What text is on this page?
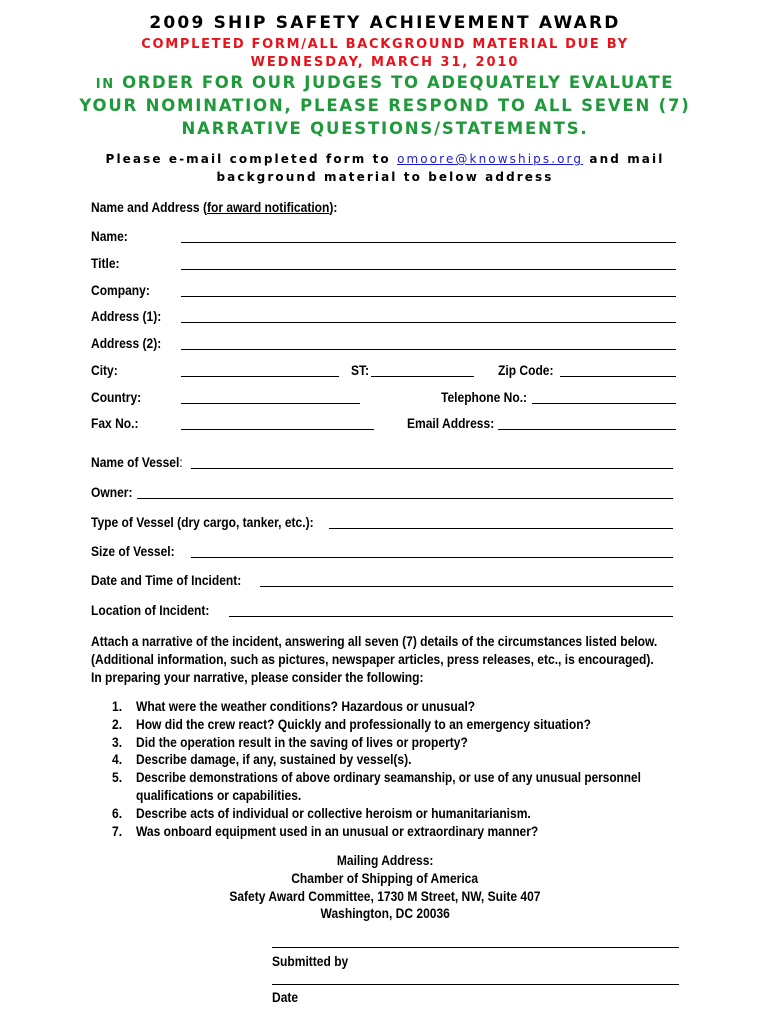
2009 SHIP SAFETY ACHIEVEMENT AWARD
COMPLETED FORM/ALL BACKGROUND MATERIAL DUE BY
WEDNESDAY, MARCH 31, 2010
IN ORDER FOR OUR JUDGES TO ADEQUATELY EVALUATE
YOUR NOMINATION, PLEASE RESPOND TO ALL SEVEN (7)
NARRATIVE QUESTIONS/STATEMENTS.
Please e-mail completed form to omoore@knowships.org and mail
background material to below address
Name and Address (for award notification):
Name:
Title:
Company:
Address (1):
Address (2):
City:	ST:	Zip Code:
Country:	Telephone No.:
Fax No.:	Email Address:
Name of Vessel:
Owner:
Type of Vessel (dry cargo, tanker, etc.):
Size of Vessel:
Date and Time of Incident:
Location of Incident:
Attach a narrative of the incident, answering all seven (7) details of the circumstances listed below.
(Additional information, such as pictures, newspaper articles, press releases, etc., is encouraged).
In preparing your narrative, please consider the following:
1. What were the weather conditions? Hazardous or unusual?
2. How did the crew react? Quickly and professionally to an emergency situation?
3. Did the operation result in the saving of lives or property?
4. Describe damage, if any, sustained by vessel(s).
5. Describe demonstrations of above ordinary seamanship, or use of any unusual personnel
qualifications or capabilities.
6. Describe acts of individual or collective heroism or humanitarianism.
7. Was onboard equipment used in an unusual or extraordinary manner?
Mailing Address:
Chamber of Shipping of America
Safety Award Committee, 1730 M Street, NW, Suite 407
Washington, DC 20036
Submitted by
Date
